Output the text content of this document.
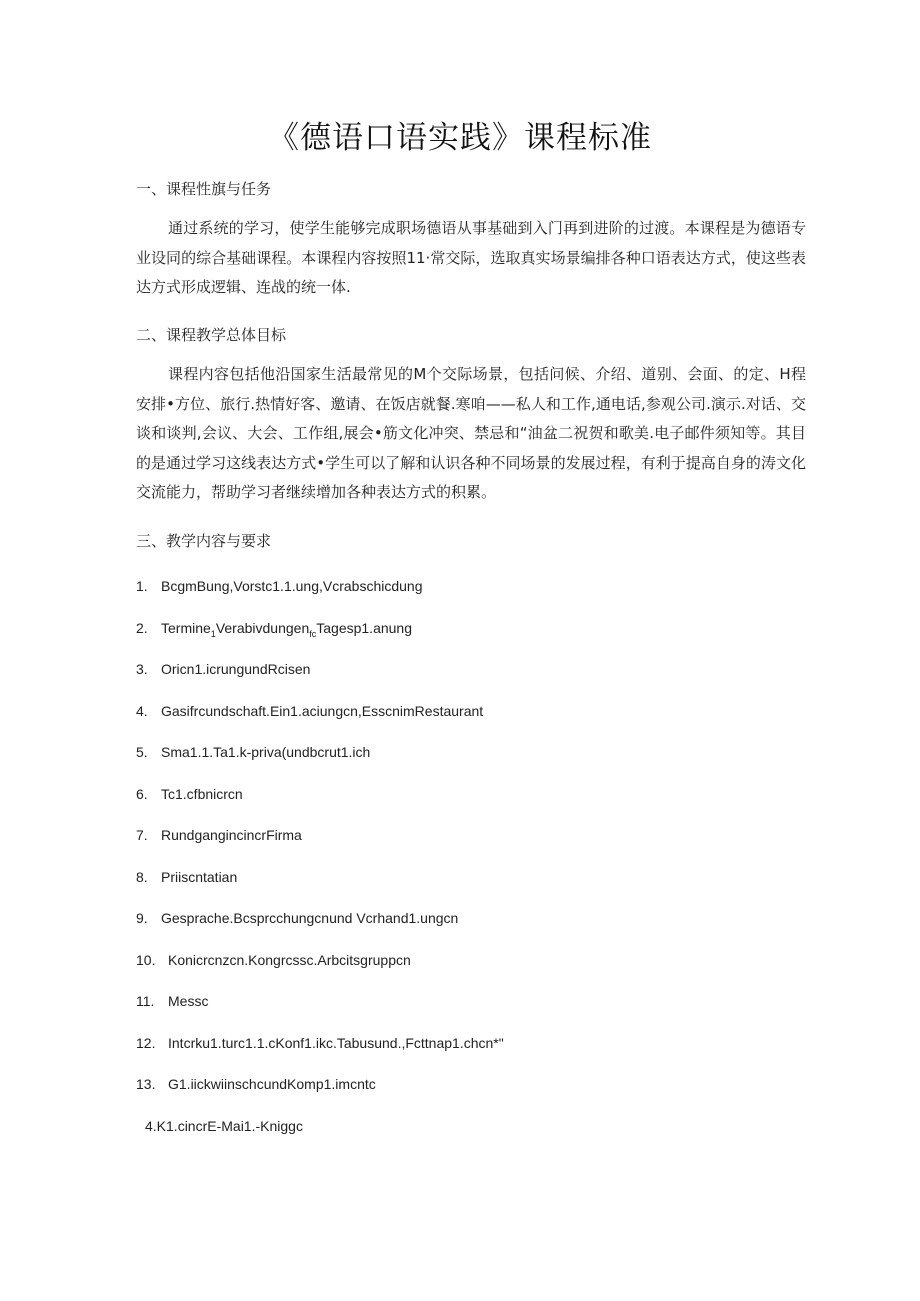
《德语口语实践》课程标准
一、课程性旗与任务

通过系统的学习，使学生能够完成职场德语从事基础到入门再到进阶的过渡。本课程是为德语专业设同的综合基础课程。本课程内容按照11·常交际，选取真实场景编排各种口语表达方式，使这些表达方式形成逻辑、连战的统一体.

二、课程教学总体目标

课程内容包括他沿国家生活最常见的M个交际场景，包括问候、介绍、道别、会面、的定、H程安排•方位、旅行.热情好客、邀请、在饭店就餐.寒咱——私人和工作,通电话,参观公司.演示.对话、交谈和谈判,会议、大会、工作组,展会•筋文化冲突、禁忌和“油盆二祝贺和歌美.电子邮件须知等。其目的是通过学习这线表达方式•学生可以了解和认识各种不同场景的发展过程，有利于提高自身的涛文化交流能力，帮助学习者继续增加各种表达方式的积累。

三、教学内容与要求
1. BcgmBung,Vorstc1.1.ung,Vcrabschicdung
2. Termine$_1$Verabivdungen$_{fc}$Tagesp1.anung
3. Oricn1.icrungundRcisen
4. Gasifrcundschaft.Ein1.aciungcn,EsscnimRestaurant
5. Sma1.1.Ta1.k-priva(undbcrut1.ich
6. Tc1.cfbnicrcn
7. RundgangincincrFirma
8. Priiscntatian
9. Gesprache.Bcsprcchungcnund Vcrhand1.ungcn
10. Konicrcnzcn.Kongrcssc.Arbcitsgruppcn
11. Messc
12. Intcrku1.turc1.1.cKonf1.ikc.Tabusund.,Fcttnap1.chcn*"
13. G1.iickwiinschcundKomp1.imcntc
4.K1.cincrE-Mai1.-Kniggc
